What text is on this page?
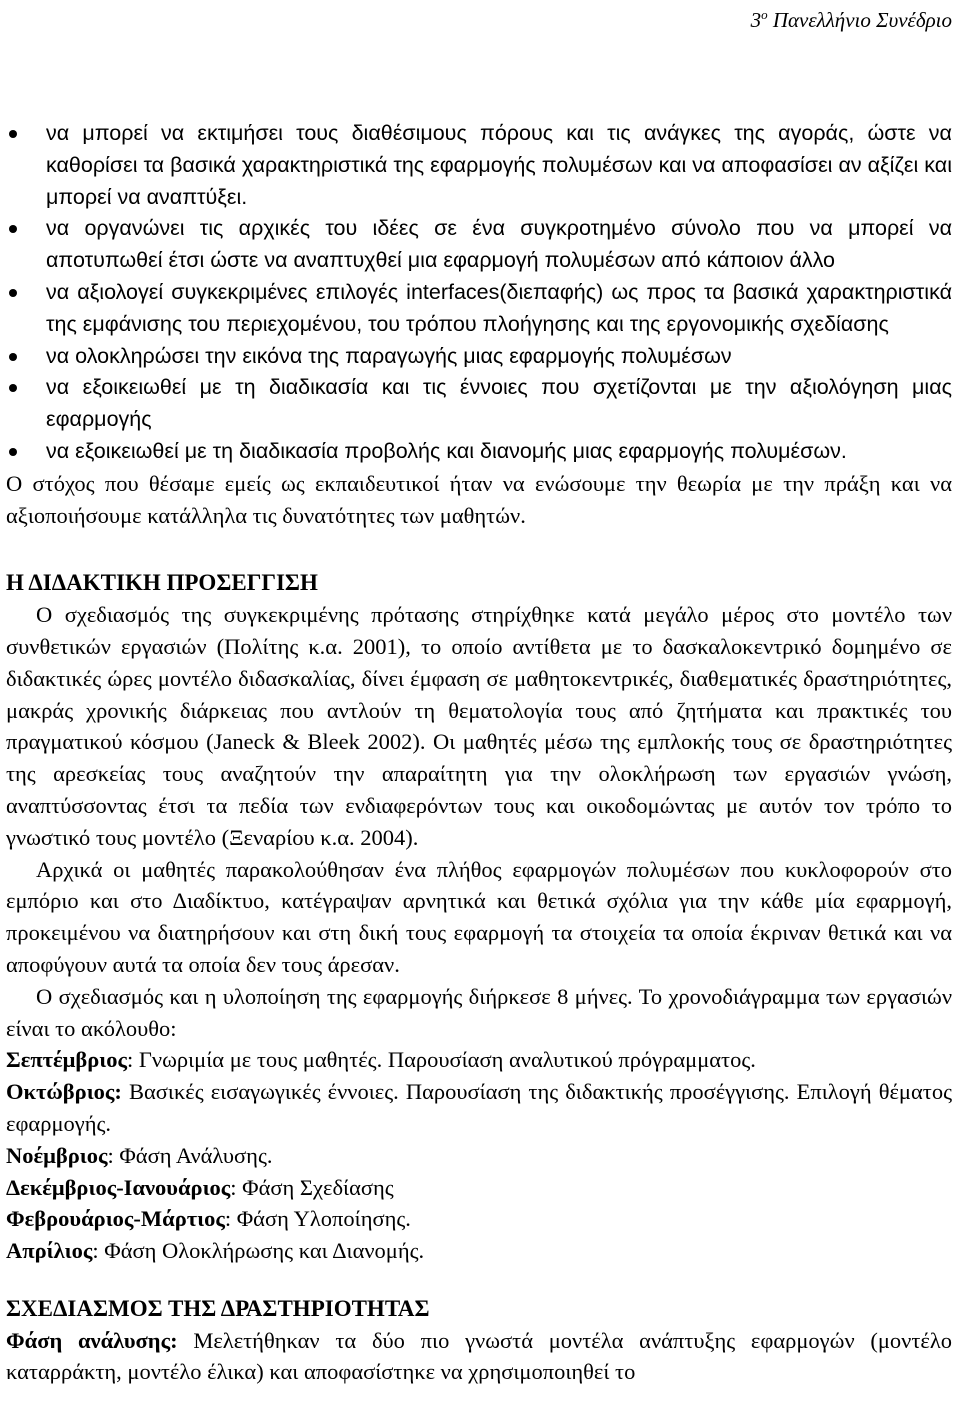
$3^o$ Πανελλήνιο Συνέδριο
να μπορεί να εκτιμήσει τους διαθέσιμους πόρους και τις ανάγκες της αγοράς, ώστε να καθορίσει τα βασικά χαρακτηριστικά της εφαρμογής πολυμέσων και να αποφασίσει αν αξίζει και μπορεί να αναπτύξει.
να οργανώνει τις αρχικές του ιδέες σε ένα συγκροτημένο σύνολο που να μπορεί να αποτυπωθεί έτσι ώστε να αναπτυχθεί μια εφαρμογή πολυμέσων από κάποιον άλλο
να αξιολογεί συγκεκριμένες επιλογές interfaces(διεπαφής) ως προς τα βασικά χαρακτηριστικά της εμφάνισης του περιεχομένου, του τρόπου πλοήγησης και της εργονομικής σχεδίασης
να ολοκληρώσει την εικόνα της παραγωγής μιας εφαρμογής πολυμέσων
να εξοικειωθεί με τη διαδικασία και τις έννοιες που σχετίζονται με την αξιολόγηση μιας εφαρμογής
να εξοικειωθεί με τη διαδικασία προβολής και διανομής μιας εφαρμογής πολυμέσων.

Ο στόχος που θέσαμε εμείς ως εκπαιδευτικοί ήταν να ενώσουμε την θεωρία με την πράξη και να αξιοποιήσουμε κατάλληλα τις δυνατότητες των μαθητών.

Η ΔΙΔΑΚΤΙΚΗ ΠΡΟΣΕΓΓΙΣΗ

Ο σχεδιασμός της συγκεκριμένης πρότασης στηρίχθηκε κατά μεγάλο μέρος στο μοντέλο των συνθετικών εργασιών (Πολίτης κ.α. 2001), το οποίο αντίθετα με το δασκαλοκεντρικό δομημένο σε διδακτικές ώρες μοντέλο διδασκαλίας, δίνει έμφαση σε μαθητοκεντρικές, διαθεματικές δραστηριότητες, μακράς χρονικής διάρκειας που αντλούν τη θεματολογία τους από ζητήματα και πρακτικές του πραγματικού κόσμου (Janeck & Bleek 2002). Οι μαθητές μέσω της εμπλοκής τους σε δραστηριότητες της αρεσκείας τους αναζητούν την απαραίτητη για την ολοκλήρωση των εργασιών γνώση, αναπτύσσοντας έτσι τα πεδία των ενδιαφερόντων τους και οικοδομώντας με αυτόν τον τρόπο το γνωστικό τους μοντέλο (Ξεναρίου κ.α. 2004).

Αρχικά οι μαθητές παρακολούθησαν ένα πλήθος εφαρμογών πολυμέσων που κυκλοφορούν στο εμπόριο και στο Διαδίκτυο, κατέγραψαν αρνητικά και θετικά σχόλια για την κάθε μία εφαρμογή, προκειμένου να διατηρήσουν και στη δική τους εφαρμογή τα στοιχεία τα οποία έκριναν θετικά και να αποφύγουν αυτά τα οποία δεν τους άρεσαν.

Ο σχεδιασμός και η υλοποίηση της εφαρμογής διήρκεσε 8 μήνες. Το χρονοδιάγραμμα των εργασιών είναι το ακόλουθο:

Σεπτέμβριος: Γνωριμία με τους μαθητές. Παρουσίαση αναλυτικού πρόγραμματος.

Οκτώβριος: Βασικές εισαγωγικές έννοιες. Παρουσίαση της διδακτικής προσέγγισης. Επιλογή θέματος εφαρμογής.

Νοέμβριος: Φάση Ανάλυσης.

Δεκέμβριος-Ιανουάριος: Φάση Σχεδίασης

Φεβρουάριος-Μάρτιος: Φάση Υλοποίησης.

Απρίλιος: Φάση Ολοκλήρωσης και Διανομής.

ΣΧΕΔΙΑΣΜΟΣ ΤΗΣ ΔΡΑΣΤΗΡΙΟΤΗΤΑΣ

Φάση ανάλυσης: Μελετήθηκαν τα δύο πιο γνωστά μοντέλα ανάπτυξης εφαρμογών (μοντέλο καταρράκτη, μοντέλο έλικα) και αποφασίστηκε να χρησιμοποιηθεί το
